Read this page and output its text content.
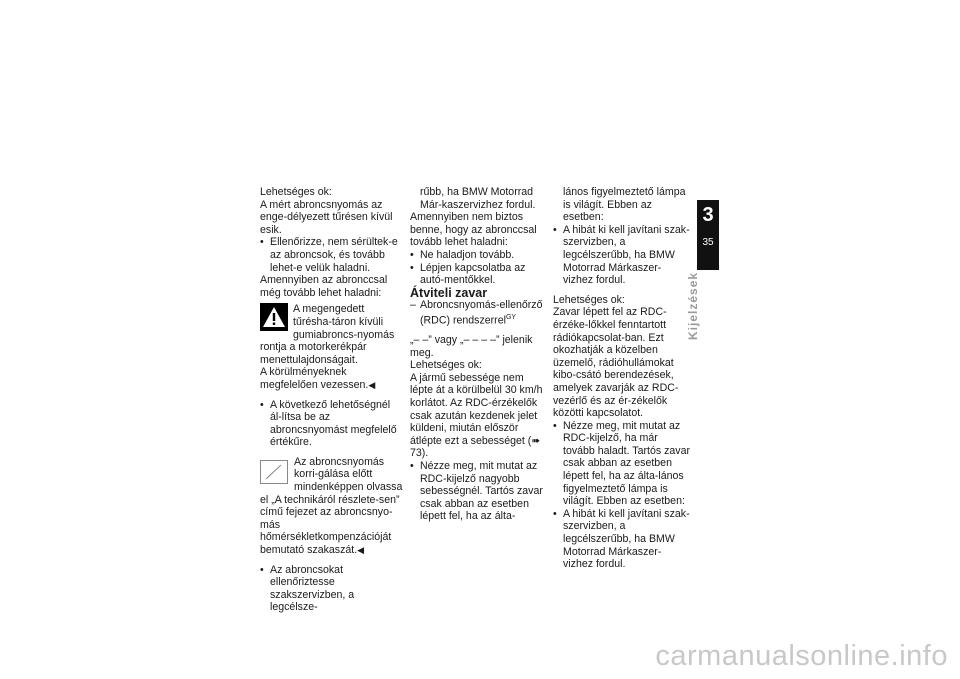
Lehetséges ok:

A mért abroncsnyomás az enge-délyezett tűrésen kívül esik.

• Ellenőrizze, nem sérültek-e az abroncsok, és tovább lehet-e velük haladni.

Amennyiben az abronccsal még tovább lehet haladni:

A megengedett tűrésha-táron kívüli gumiabroncs-nyomás rontja a motorkerékpár menettulajdonságait.

A körülményeknek megfelelően vezessen.◀

• A következő lehetőségnél ál-lítsa be az abroncsnyomást megfelelő értékűre.

Az abroncsnyomás korri-gálása előtt mindenképpen olvassa el „A technikáról részlete-sen” című fejezet az abroncsnyo-más hőmérsékletkompenzációját bemutató szakaszát.◀

• Az abroncsokat ellenőriztesse szakszervizben, a legcélsze-

rűbb, ha BMW Motorrad Már-kaszervizhez fordul.

Amennyiben nem biztos benne, hogy az abronccsal tovább lehet haladni:

• Ne haladjon tovább.

• Lépjen kapcsolatba az autó-mentőkkel.

Átviteli zavar

– Abroncsnyomás-ellenőrző (RDC) rendszerrel$^{GY}$

„– –” vagy „– – – –” jelenik meg.

Lehetséges ok:

A jármű sebessége nem lépte át a körülbelül 30 km/h korlátot. Az RDC-érzékelők csak azután kezdenek jelet küldeni, miután először átlépte ezt a sebességet (➠ 73).

• Nézze meg, mit mutat az RDC-kijelző nagyobb sebességnél. Tartós zavar csak abban az esetben lépett fel, ha az álta-

lános figyelmeztető lámpa is világít. Ebben az esetben:

• A hibát ki kell javítani szak-szervizben, a legcélszerűbb, ha BMW Motorrad Márkaszer-vizhez fordul.

Lehetséges ok:

Zavar lépett fel az RDC-érzéke-lőkkel fenntartott rádiókapcsolat-ban. Ezt okozhatják a közelben üzemelő, rádióhullámokat kibo-csátó berendezések, amelyek zavarják az RDC-vezérlő és az ér-zékelők közötti kapcsolatot.

• Nézze meg, mit mutat az RDC-kijelző, ha már tovább haladt. Tartós zavar csak abban az esetben lépett fel, ha az álta-lános figyelmeztető lámpa is világít. Ebben az esetben:

• A hibát ki kell javítani szak-szervizben, a legcélszerűbb, ha BMW Motorrad Márkaszer-vizhez fordul.

3
35
Kijelzések
carmanualsonline.info
